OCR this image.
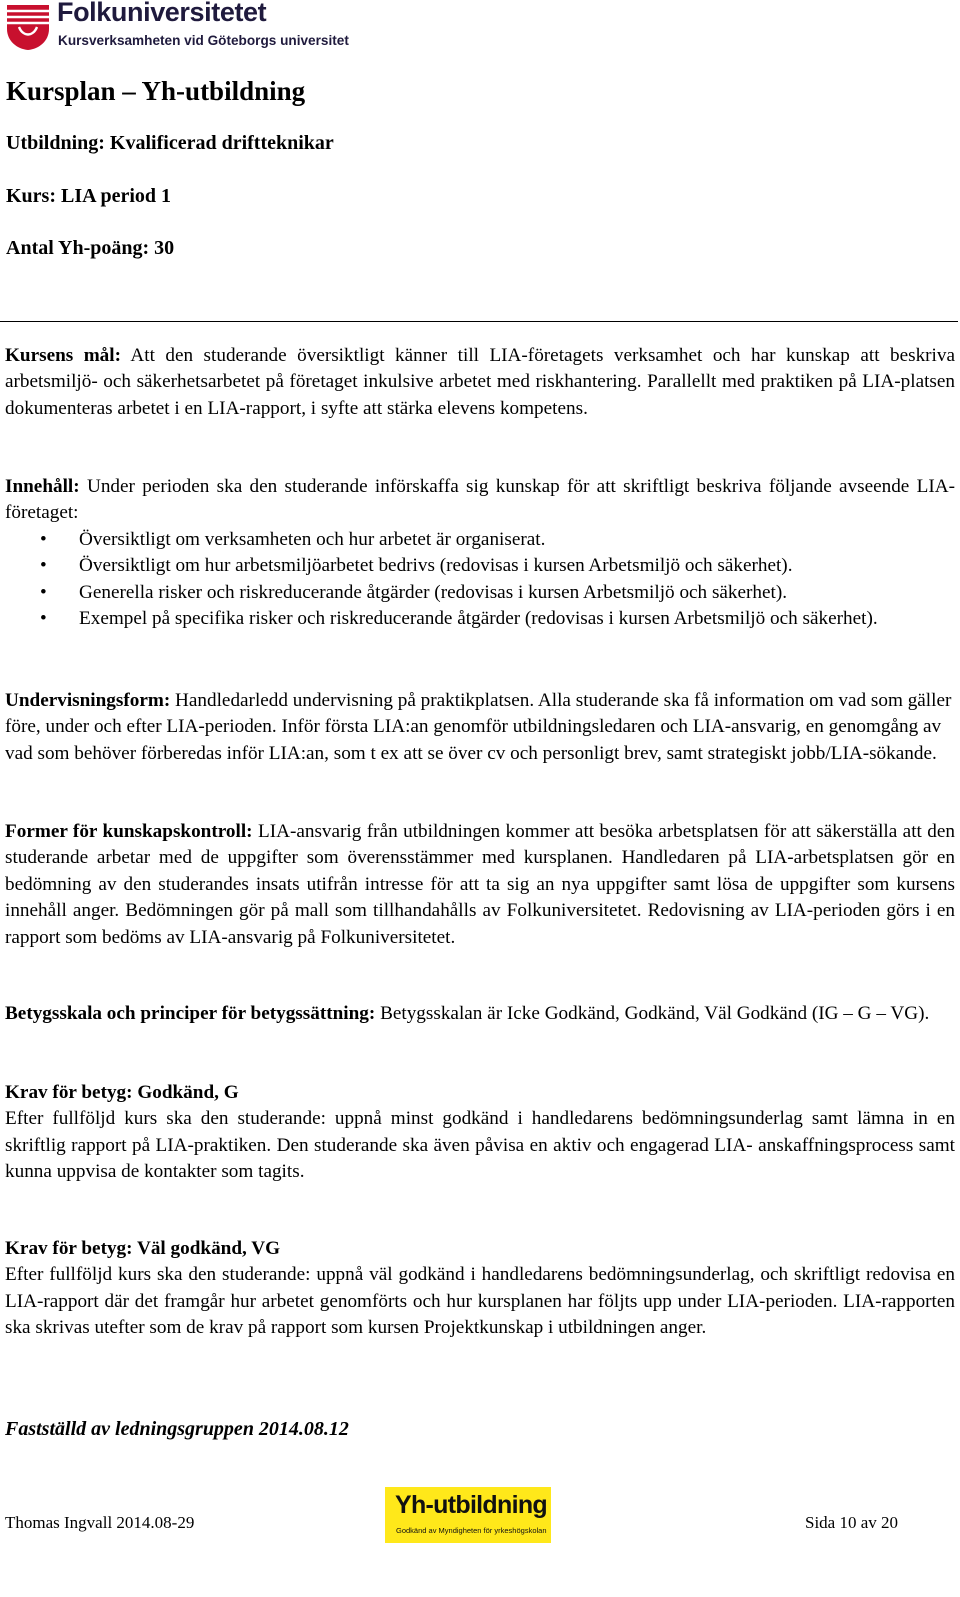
Folkuniversitetet
Kursverksamheten vid Göteborgs universitet
Kursplan – Yh-utbildning

Utbildning: Kvalificerad driftteknikar

Kurs: LIA period 1

Antal Yh-poäng: 30

Kursens mål: Att den studerande översiktligt känner till LIA-företagets verksamhet och har kunskap att beskriva arbetsmiljö- och säkerhetsarbetet på företaget inkulsive arbetet med riskhantering. Parallellt med praktiken på LIA-platsen dokumenteras arbetet i en LIA-rapport, i syfte att stärka elevens kompetens.

Innehåll: Under perioden ska den studerande införskaffa sig kunskap för att skriftligt beskriva följande avseende LIA-företaget:

• Översiktligt om verksamheten och hur arbetet är organiserat.
• Översiktligt om hur arbetsmiljöarbetet bedrivs (redovisas i kursen Arbetsmiljö och säkerhet).
• Generella risker och riskreducerande åtgärder (redovisas i kursen Arbetsmiljö och säkerhet).
• Exempel på specifika risker och riskreducerande åtgärder (redovisas i kursen Arbetsmiljö och säkerhet).

Undervisningsform: Handledarledd undervisning på praktikplatsen. Alla studerande ska få information om vad som gäller före, under och efter LIA-perioden. Inför första LIA:an genomför utbildningsledaren och LIA-ansvarig, en genomgång av vad som behöver förberedas inför LIA:an, som t ex att se över cv och personligt brev, samt strategiskt jobb/LIA-sökande.

Former för kunskapskontroll: LIA-ansvarig från utbildningen kommer att besöka arbetsplatsen för att säkerställa att den studerande arbetar med de uppgifter som överensstämmer med kursplanen. Handledaren på LIA-arbetsplatsen gör en bedömning av den studerandes insats utifrån intresse för att ta sig an nya uppgifter samt lösa de uppgifter som kursens innehåll anger. Bedömningen gör på mall som tillhandahålls av Folkuniversitetet. Redovisning av LIA-perioden görs i en rapport som bedöms av LIA-ansvarig på Folkuniversitetet.

Betygsskala och principer för betygssättning: Betygsskalan är Icke Godkänd, Godkänd, Väl Godkänd (IG – G – VG).

Krav för betyg: Godkänd, G
Efter fullföljd kurs ska den studerande: uppnå minst godkänd i handledarens bedömningsunderlag samt lämna in en skriftlig rapport på LIA-praktiken. Den studerande ska även påvisa en aktiv och engagerad LIA- anskaffningsprocess samt kunna uppvisa de kontakter som tagits.

Krav för betyg: Väl godkänd, VG
Efter fullföljd kurs ska den studerande: uppnå väl godkänd i handledarens bedömningsunderlag, och skriftligt redovisa en LIA-rapport där det framgår hur arbetet genomförts och hur kursplanen har följts upp under LIA-perioden. LIA-rapporten ska skrivas utefter som de krav på rapport som kursen Projektkunskap i utbildningen anger.

Fastställd av ledningsgruppen 2014.08.12

Thomas Ingvall 2014.08-29
Yh-utbildning
Godkänd av Myndigheten för yrkeshögskolan	Sida 10 av 20
